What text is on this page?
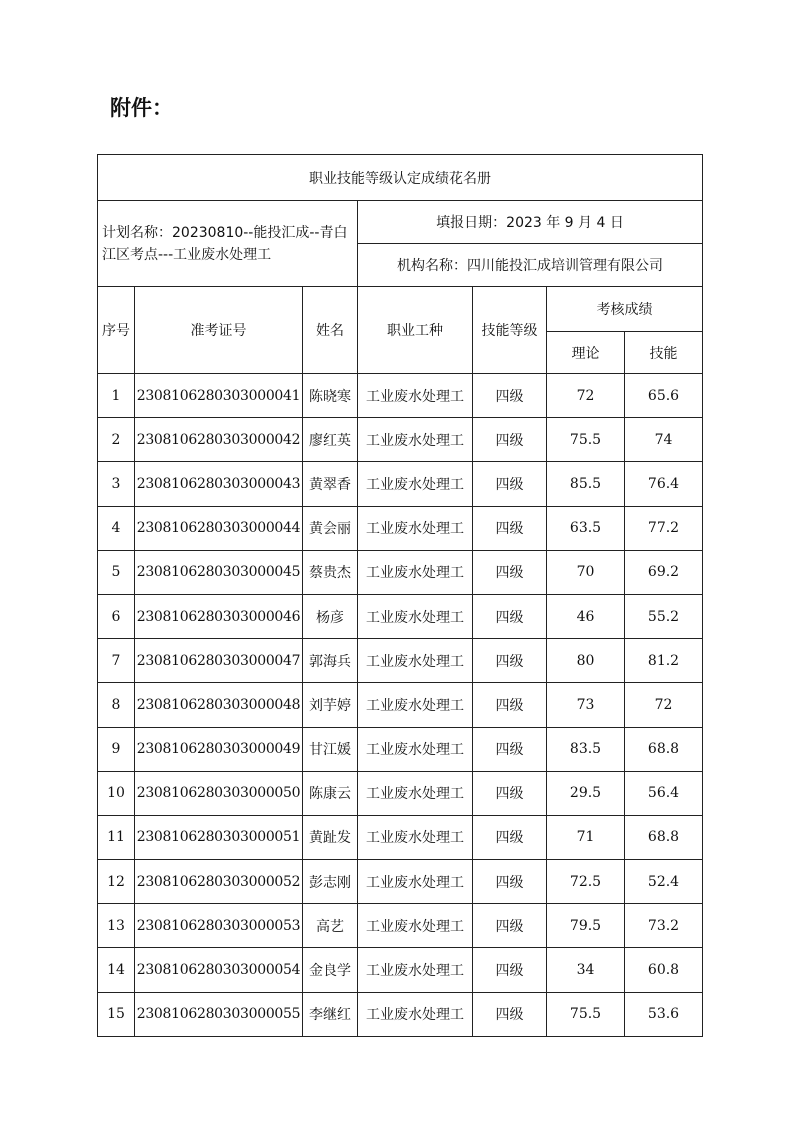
附件：
职业技能等级认定成绩花名册						
计划名称：20230810--能投汇成--青白江区考点---工业废水处理工			填报日期：2023 年 9 月 4 日			
			机构名称：四川能投汇成培训管理有限公司			
序号	准考证号	姓名	职业工种	技能等级	考核成绩	
					理论	技能
1	2308106280303000041	陈晓寒	工业废水处理工	四级	72	65.6
2	2308106280303000042	廖红英	工业废水处理工	四级	75.5	74
3	2308106280303000043	黄翠香	工业废水处理工	四级	85.5	76.4
4	2308106280303000044	黄会丽	工业废水处理工	四级	63.5	77.2
5	2308106280303000045	蔡贵杰	工业废水处理工	四级	70	69.2
6	2308106280303000046	杨彦	工业废水处理工	四级	46	55.2
7	2308106280303000047	郭海兵	工业废水处理工	四级	80	81.2
8	2308106280303000048	刘芋婷	工业废水处理工	四级	73	72
9	2308106280303000049	甘江媛	工业废水处理工	四级	83.5	68.8
10	2308106280303000050	陈康云	工业废水处理工	四级	29.5	56.4
11	2308106280303000051	黄趾发	工业废水处理工	四级	71	68.8
12	2308106280303000052	彭志刚	工业废水处理工	四级	72.5	52.4
13	2308106280303000053	高艺	工业废水处理工	四级	79.5	73.2
14	2308106280303000054	金良学	工业废水处理工	四级	34	60.8
15	2308106280303000055	李继红	工业废水处理工	四级	75.5	53.6
